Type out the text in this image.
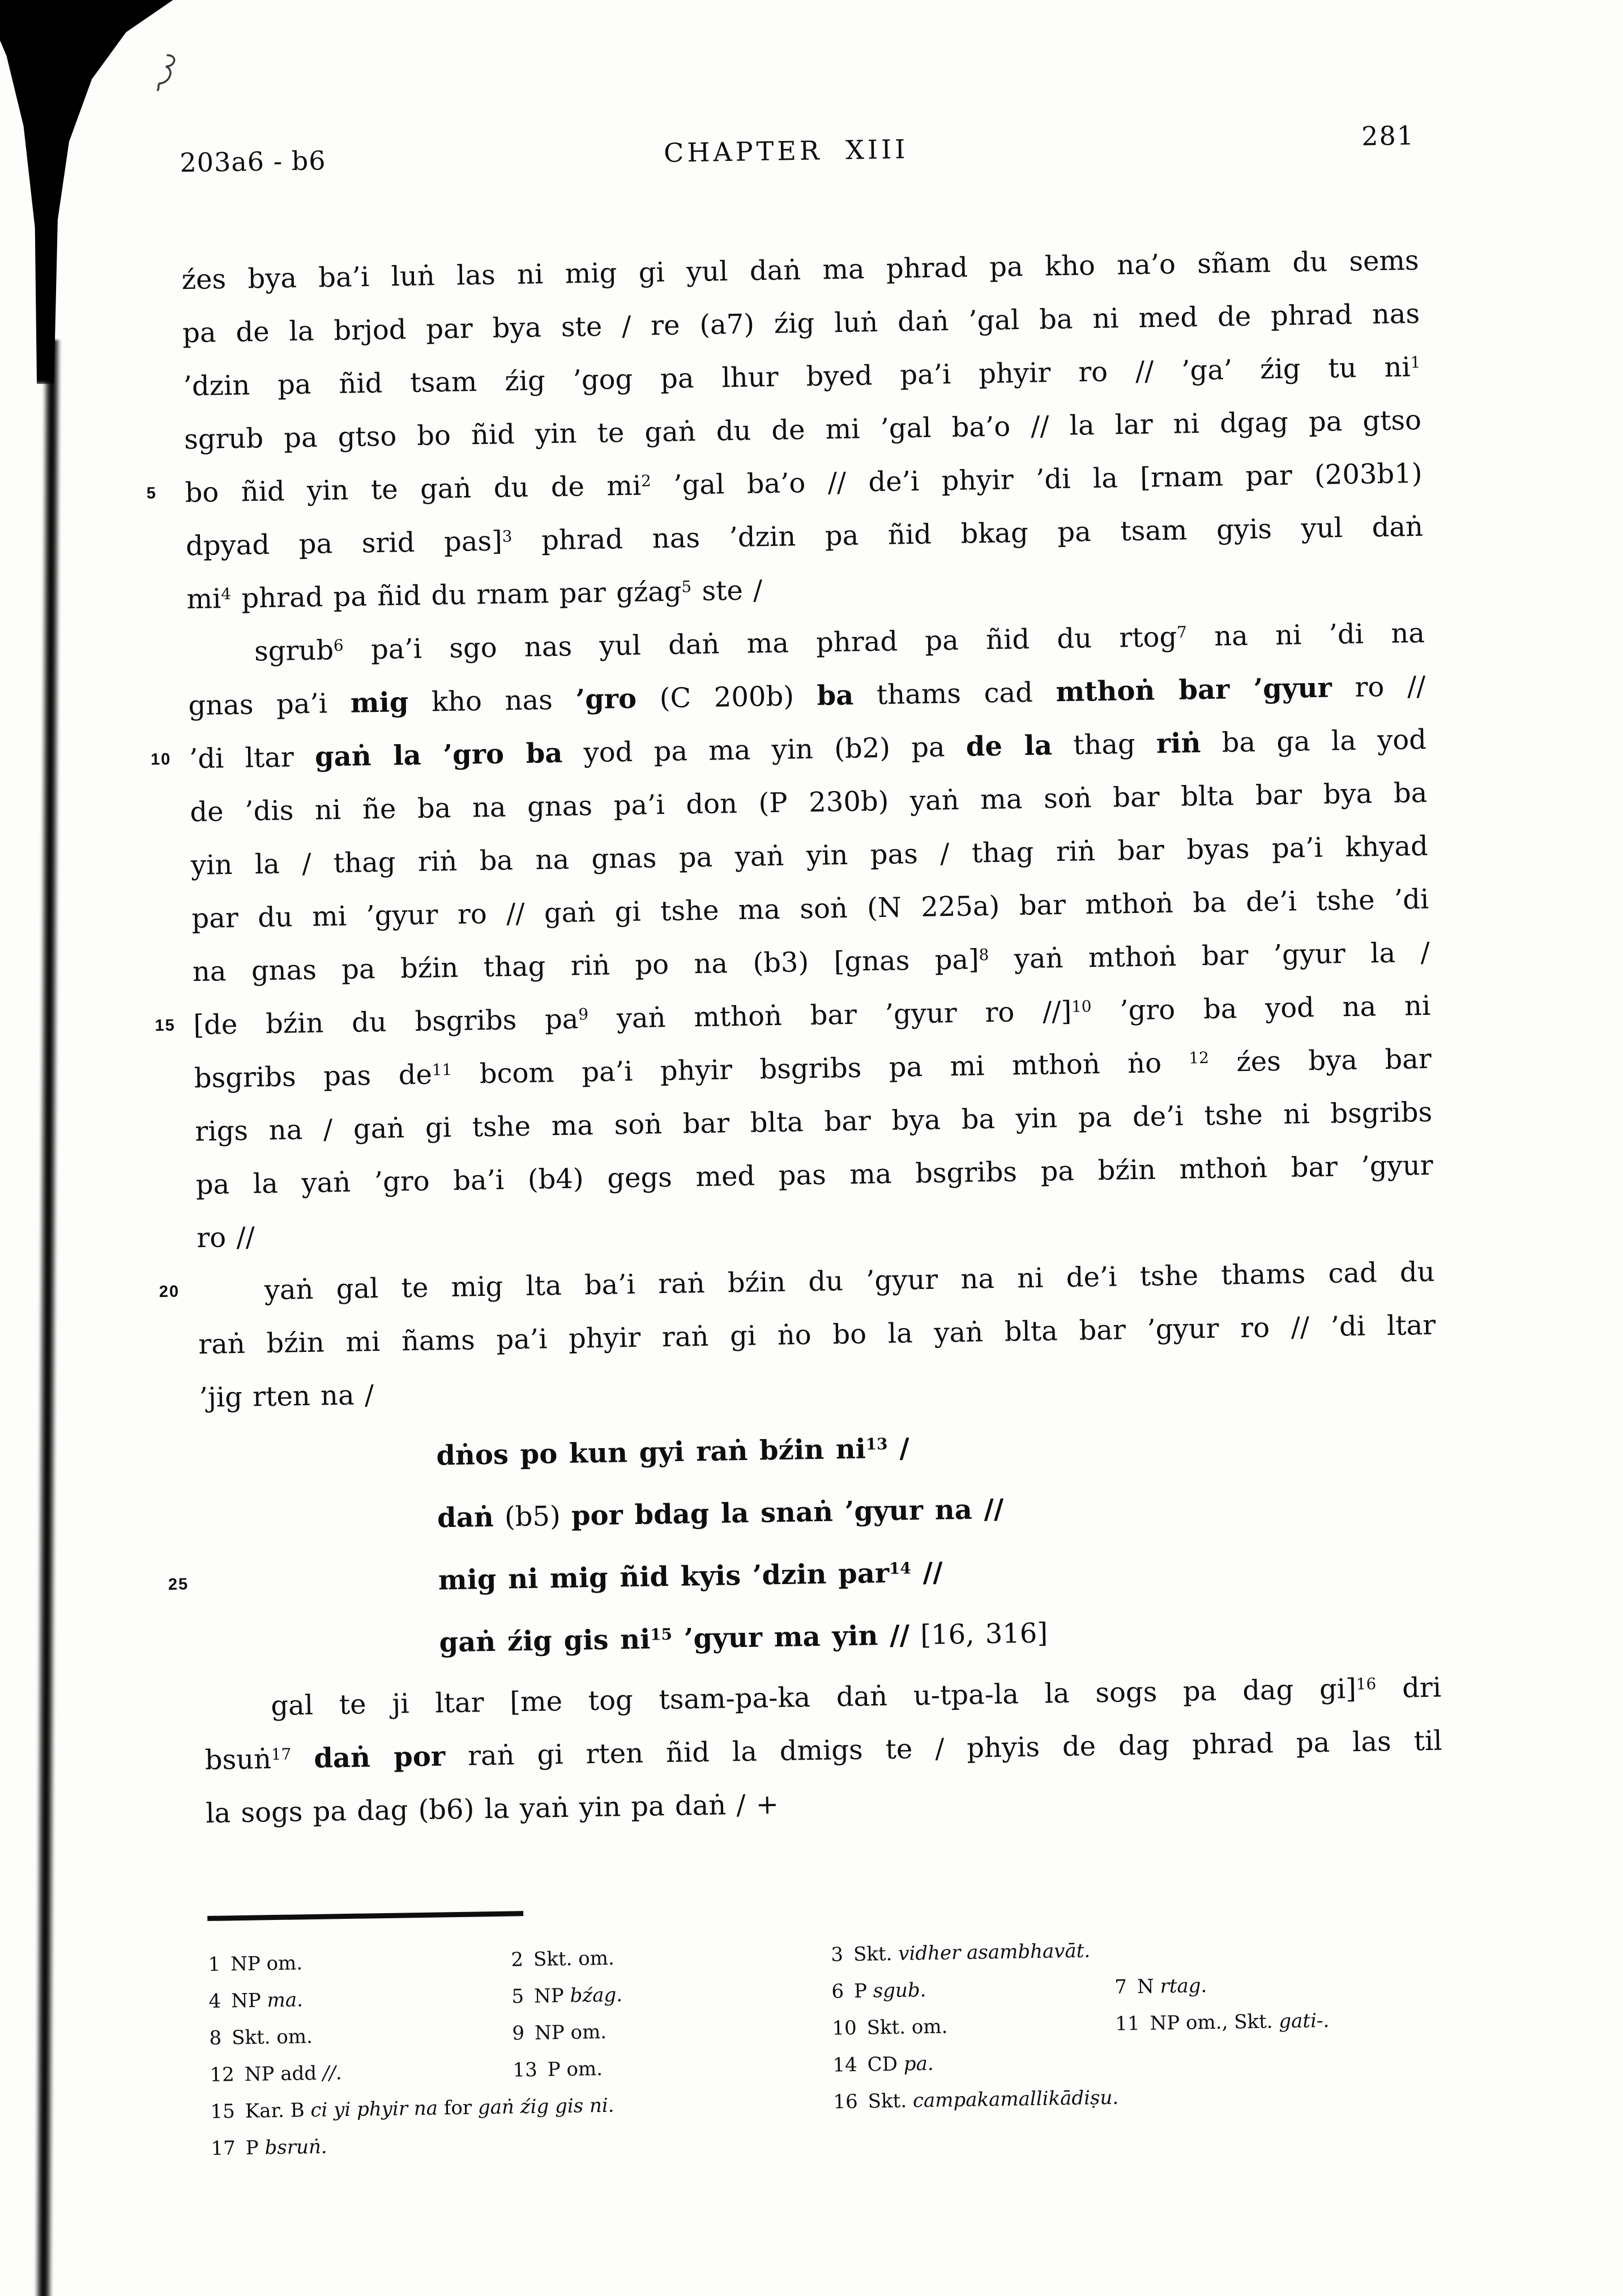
203a6 - b6	CHAPTER XIII	281
źes bya ba’i luṅ las ni mig gi yul daṅ ma phrad pa kho na’o sñam du sems
pa de la brjod par bya ste / re (a7) źig luṅ daṅ ’gal ba ni med de phrad nas
’dzin pa ñid tsam źig ’gog pa lhur byed pa’i phyir ro // ’ga’ źig tu $ni^1$
sgrub pa gtso bo ñid yin te gaṅ du de mi ’gal ba’o // la lar ni dgag pa gtso
5	bo ñid yin te gaṅ du de $mi^2$ ’gal ba’o // de’i phyir ’di la [rnam par (203b1)
dpyad pa srid pas]$^3$ phrad nas ’dzin pa ñid bkag pa tsam gyis yul daṅ
$mi^4$ phrad pa ñid du rnam par gźag$^5$ ste /
sgrub$^6$ pa’i sgo nas yul daṅ ma phrad pa ñid du rtog$^7$ na ni ’di na
gnas pa’i mig kho nas ’gro (C 200b) ba thams cad mthoṅ bar ’gyur ro //
10 ’di ltar gaṅ la ’gro ba yod pa ma yin (b2) pa de la thag riṅ ba ga la yod
de ’dis ni ñe ba na gnas pa’i don (P 230b) yaṅ ma soṅ bar blta bar bya ba
yin la / thag riṅ ba na gnas pa yaṅ yin pas / thag riṅ bar byas pa’i khyad
par du mi ’gyur ro // gaṅ gi tshe ma soṅ (N 225a) bar mthoṅ ba de’i tshe ’di
na gnas pa bźin thag riṅ po na (b3) [gnas pa]$^8$ yaṅ mthoṅ bar ’gyur la /
15 [de bźin du bsgribs $pa^9$ yaṅ mthoṅ bar ’gyur ro //]$^{10}$ ’gro ba yod na ni
bsgribs pas $de^{11}$ bcom pa’i phyir bsgribs pa mi mthoṅ ṅo $^{12}$ źes bya bar
rigs na / gaṅ gi tshe ma soṅ bar blta bar bya ba yin pa de’i tshe ni bsgribs
pa la yaṅ ’gro ba’i (b4) gegs med pas ma bsgribs pa bźin mthoṅ bar ’gyur
ro //
20	yaṅ gal te mig lta ba’i raṅ bźin du ’gyur na ni de’i tshe thams cad du
raṅ bźin mi ñams pa’i phyir raṅ gi ṅo bo la yaṅ blta bar ’gyur ro // ’di ltar
’jig rten na /
dṅos po kun gyi raṅ bźin $ni^{13}$ /
daṅ (b5) por bdag la snaṅ ’gyur na //
25	mig ni mig ñid kyis ’dzin par$^{14}$ //
gaṅ źig gis $ni^{15}$ ’gyur ma yin // [16, 316]
gal te ji ltar [me tog tsam-pa-ka daṅ u-tpa-la la sogs pa dag gi]$^{16}$ dri
bsuṅ$^{17}$ daṅ por raṅ gi rten ñid la dmigs te / phyis de dag phrad pa las til
la sogs pa dag (b6) la yaṅ yin pa daṅ / +
1 NP om.	2 Skt. om.	3 Skt. vidher asambhavāt.
4 NP ma.	5 NP bźag.	6 P sgub.	7 N rtag.
8 Skt. om.	9 NP om.	10 Skt. om.	11 NP om., Skt. gati-.
12 NP add //.	13 P om.	14 CD pa.
15 Kar. B ci yi phyir na for gaṅ źig gis ni.	16 Skt. campakamallikādiṣu.
17 P bsruṅ.
